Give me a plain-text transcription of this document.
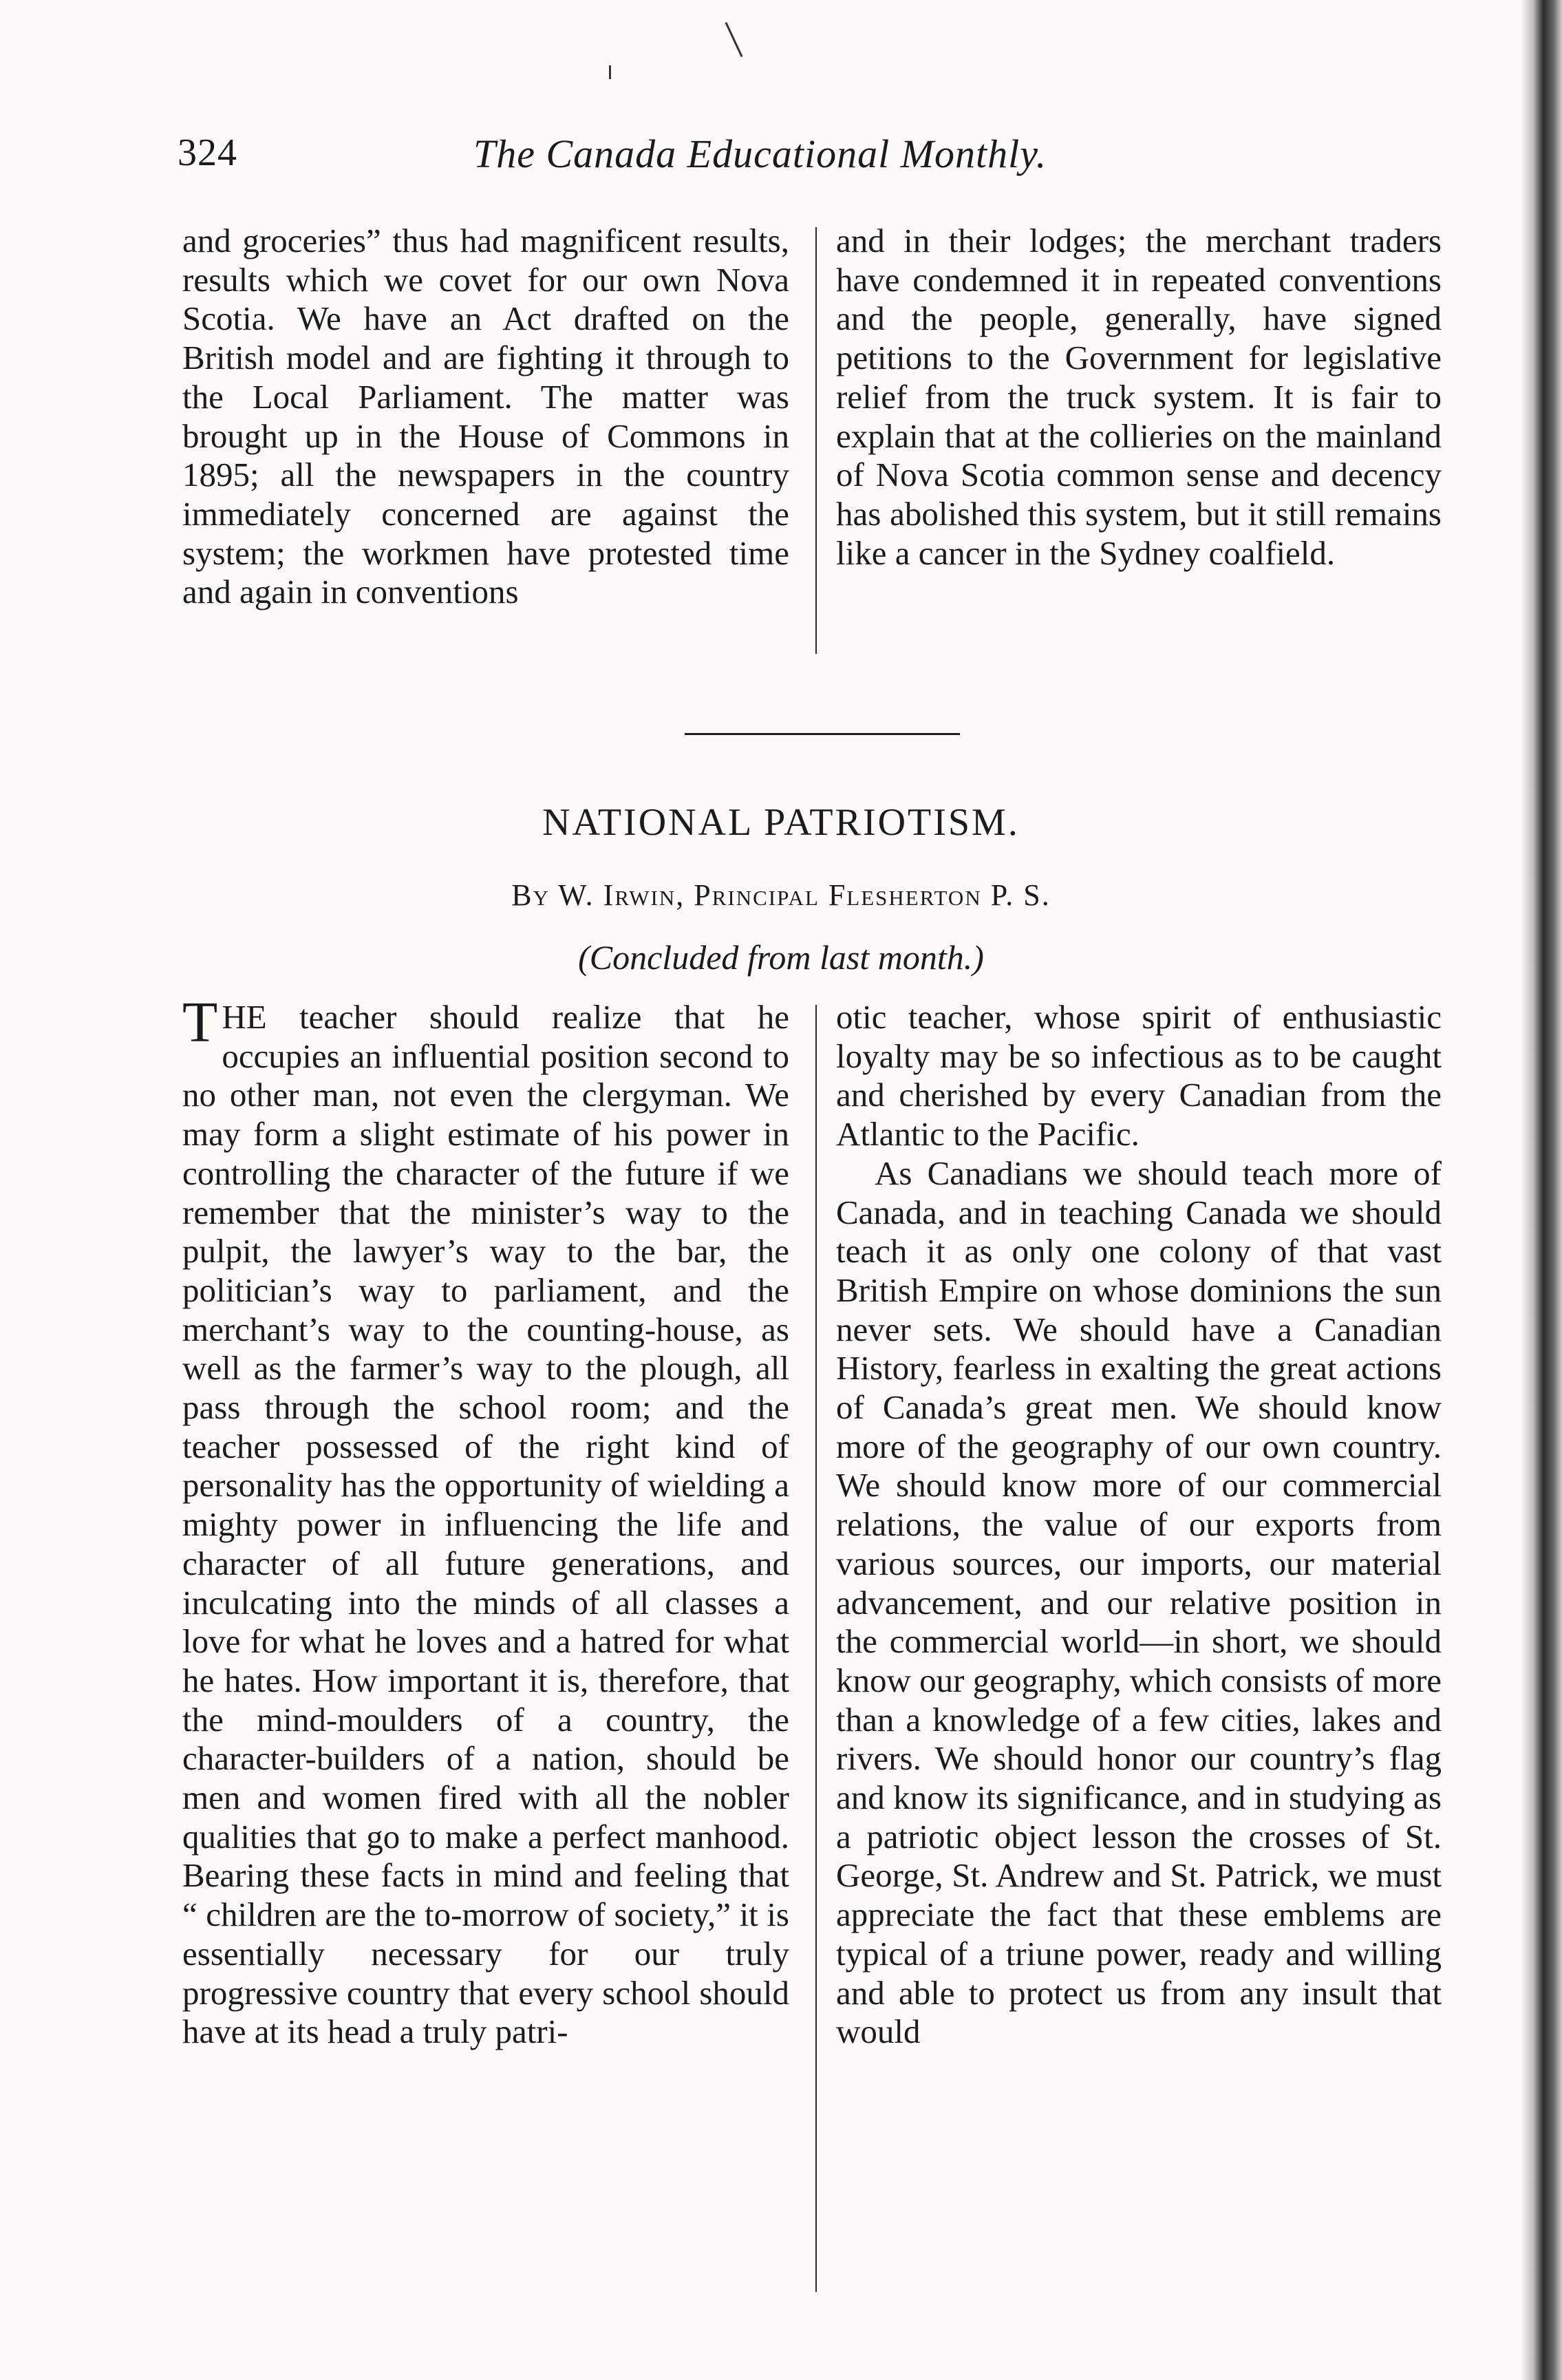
324	The Canada Educational Monthly.

and groceries” thus had magnificent results, results which we covet for our own Nova Scotia. We have an Act drafted on the British model and are fighting it through to the Local Parliament. The matter was brought up in the House of Commons in 1895; all the newspapers in the country immediately concerned are against the system; the workmen have protested time and again in conventions

and in their lodges; the merchant traders have condemned it in repeated conventions and the people, generally, have signed petitions to the Government for legislative relief from the truck system. It is fair to explain that at the collieries on the mainland of Nova Scotia common sense and decency has abolished this system, but it still remains like a cancer in the Sydney coalfield.

NATIONAL PATRIOTISM.
By W. Irwin, Principal Flesherton P. S.
(Concluded from last month.)

THE teacher should realize that he occupies an influential position second to no other man, not even the clergyman. We may form a slight estimate of his power in controlling the character of the future if we remember that the minister’s way to the pulpit, the lawyer’s way to the bar, the politician’s way to parliament, and the merchant’s way to the counting-house, as well as the farmer’s way to the plough, all pass through the school room; and the teacher possessed of the right kind of personality has the opportunity of wielding a mighty power in influencing the life and character of all future generations, and inculcating into the minds of all classes a love for what he loves and a hatred for what he hates. How important it is, therefore, that the mind-moulders of a country, the character-builders of a nation, should be men and women fired with all the nobler qualities that go to make a perfect manhood. Bearing these facts in mind and feeling that “ children are the to-morrow of society,” it is essentially necessary for our truly progressive country that every school should have at its head a truly patri-

otic teacher, whose spirit of enthusiastic loyalty may be so infectious as to be caught and cherished by every Canadian from the Atlantic to the Pacific.

As Canadians we should teach more of Canada, and in teaching Canada we should teach it as only one colony of that vast British Empire on whose dominions the sun never sets. We should have a Canadian History, fearless in exalting the great actions of Canada’s great men. We should know more of the geography of our own country. We should know more of our commercial relations, the value of our exports from various sources, our imports, our material advancement, and our relative position in the commercial world—in short, we should know our geography, which consists of more than a knowledge of a few cities, lakes and rivers. We should honor our country’s flag and know its significance, and in studying as a patriotic object lesson the crosses of St. George, St. Andrew and St. Patrick, we must appreciate the fact that these emblems are typical of a triune power, ready and willing and able to protect us from any insult that would
